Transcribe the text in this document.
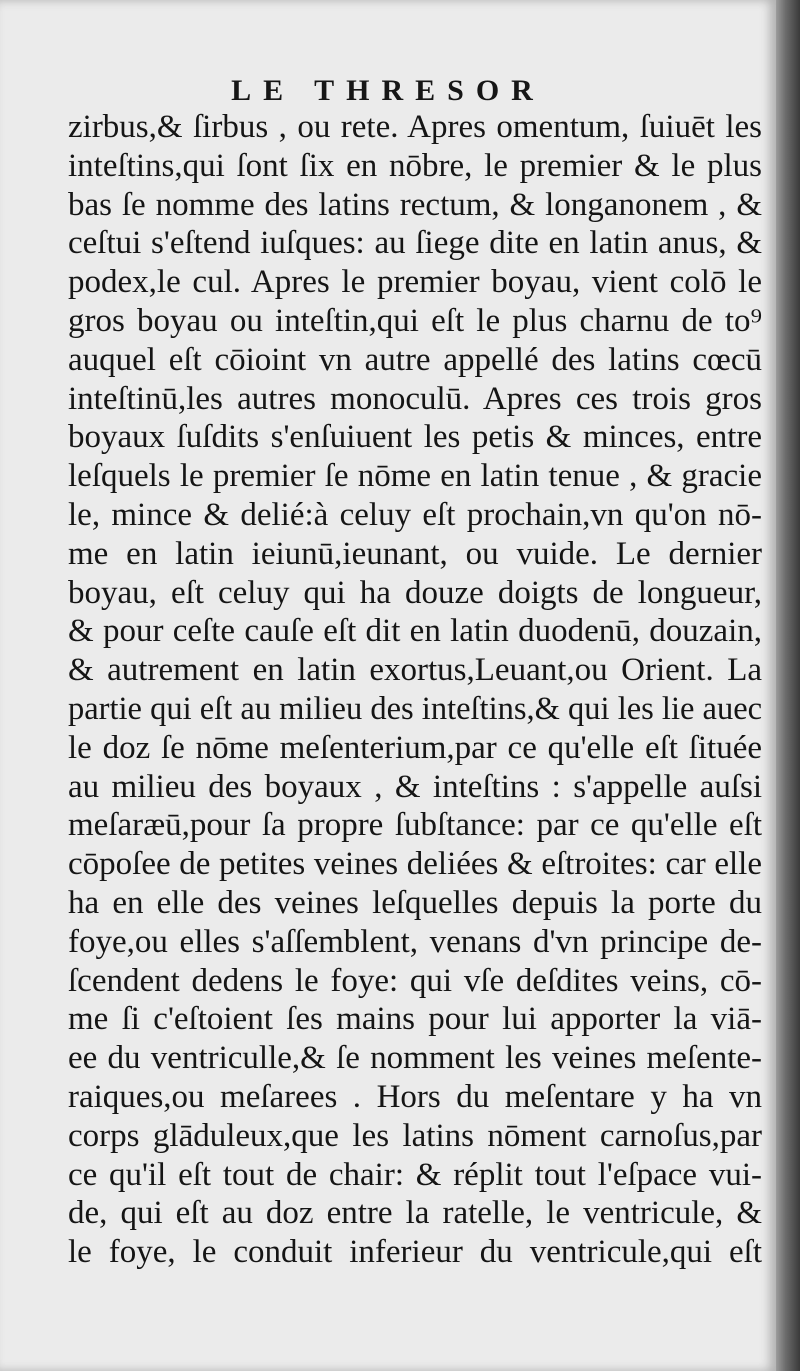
LE THRESOR
zirbus,& ſirbus , ou rete. Apres omentum, ſuiuēt les
inteſtins,qui ſont ſix en nōbre, le premier & le plus
bas ſe nomme des latins rectum, & longanonem , &
ceſtui s'eſtend iuſques: au ſiege dite en latin anus, &
podex,le cul. Apres le premier boyau, vient colō le
gros boyau ou inteſtin,qui eſt le plus charnu de to⁹
auquel eſt cōioint vn autre appellé des latins cœcū
inteſtinū,les autres monoculū. Apres ces trois gros
boyaux ſuſdits s'enſuiuent les petis & minces, entre
leſquels le premier ſe nōme en latin tenue , & gracie
le, mince & delié:à celuy eſt prochain,vn qu'on nō-
me en latin ieiunū,ieunant, ou vuide. Le dernier
boyau, eſt celuy qui ha douze doigts de longueur,
& pour ceſte cauſe eſt dit en latin duodenū, douzain,
& autrement en latin exortus,Leuant,ou Orient. La
partie qui eſt au milieu des inteſtins,& qui les lie auec
le doz ſe nōme meſenterium,par ce qu'elle eſt ſituée
au milieu des boyaux , & inteſtins : s'appelle auſsi
meſaræū,pour ſa propre ſubſtance: par ce qu'elle eſt
cōpoſee de petites veines deliées & eſtroites: car elle
ha en elle des veines leſquelles depuis la porte du
foye,ou elles s'aſſemblent, venans d'vn principe de-
ſcendent dedens le foye: qui vſe deſdites veins, cō-
me ſi c'eſtoient ſes mains pour lui apporter la viā-
ee du ventriculle,& ſe nomment les veines meſente-
raiques,ou meſarees . Hors du meſentare y ha vn
corps glāduleux,que les latins nōment carnoſus,par
ce qu'il eſt tout de chair: & réplit tout l'eſpace vui-
de, qui eſt au doz entre la ratelle, le ventricule, &
le foye, le conduit inferieur du ventricule,qui eſt
